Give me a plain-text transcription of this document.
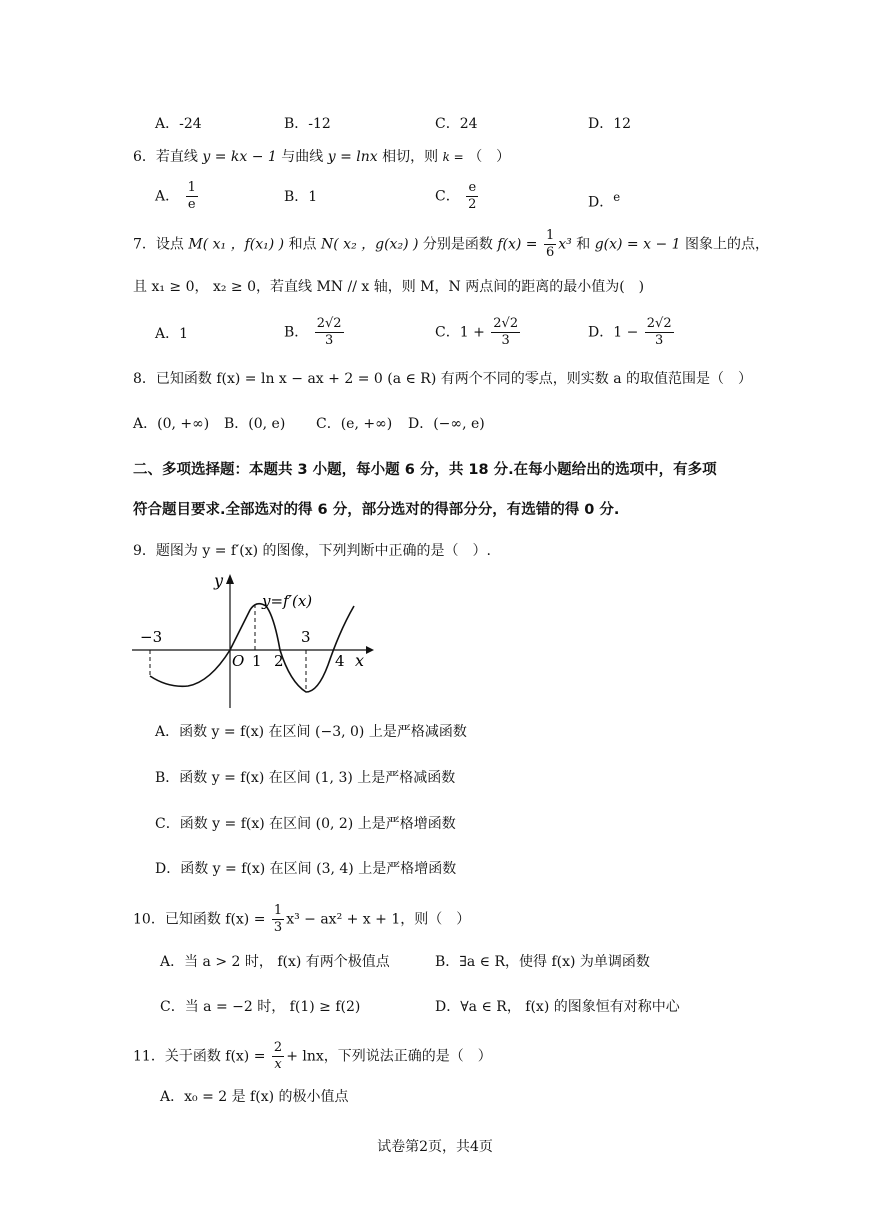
A．-24	B．-12	C．24	D．12
6．若直线 y = kx − 1 与曲线 y = lnx 相切，则 k = （　）
A． $\frac{1}{e}$	B．1	C． $\frac{e}{2}$	D．$^e$
7．设点 M( x₁ ，f(x₁) ) 和点 N( x₂ ，g(x₂) ) 分别是函数 $f(x) = \frac{1}{6} x^3$ 和 g(x) = x − 1 图象上的点，
且 x₁ ≥ 0， x₂ ≥ 0，若直线 MN // x 轴，则 M，N 两点间的距离的最小值为(　)
A．1	B． $\frac{2√2}{3}$	C．$1 + \frac{2√2}{3}$	D．$1 - \frac{2√2}{3}$
8．已知函数 f(x) = ln x − ax + 2 = 0 (a ∈ R) 有两个不同的零点，则实数 a 的取值范围是（　）
A．(0, +∞) B．(0, e) C．(e, +∞) D．(−∞, e)
二、多项选择题：本题共 3 小题，每小题 6 分，共 18 分.在每小题给出的选项中，有多项
符合题目要求.全部选对的得 6 分，部分选对的得部分分，有选错的得 0 分.
9．题图为 y = f′(x) 的图像，下列判断中正确的是（　）.
y
x
O
y=f′(x)
−3
1 2
3
4
A．函数 y = f(x) 在区间 (−3, 0) 上是严格减函数
B．函数 y = f(x) 在区间 (1, 3) 上是严格减函数
C．函数 y = f(x) 在区间 (0, 2) 上是严格增函数
D．函数 y = f(x) 在区间 (3, 4) 上是严格增函数
10．已知函数 $f(x) = \frac{1}{3} x^3 - ax^2 + x + 1$，则（　）
A．当 a > 2 时， f(x) 有两个极值点	B．∃a ∈ R，使得 f(x) 为单调函数
C．当 a = −2 时， f(1) ≥ f(2)	D．∀a ∈ R， f(x) 的图象恒有对称中心
11．关于函数 $f(x) = \frac{2}{x} + \ln x$，下列说法正确的是（　）
A．x₀ = 2 是 f(x) 的极小值点
试卷第2页，共4页
